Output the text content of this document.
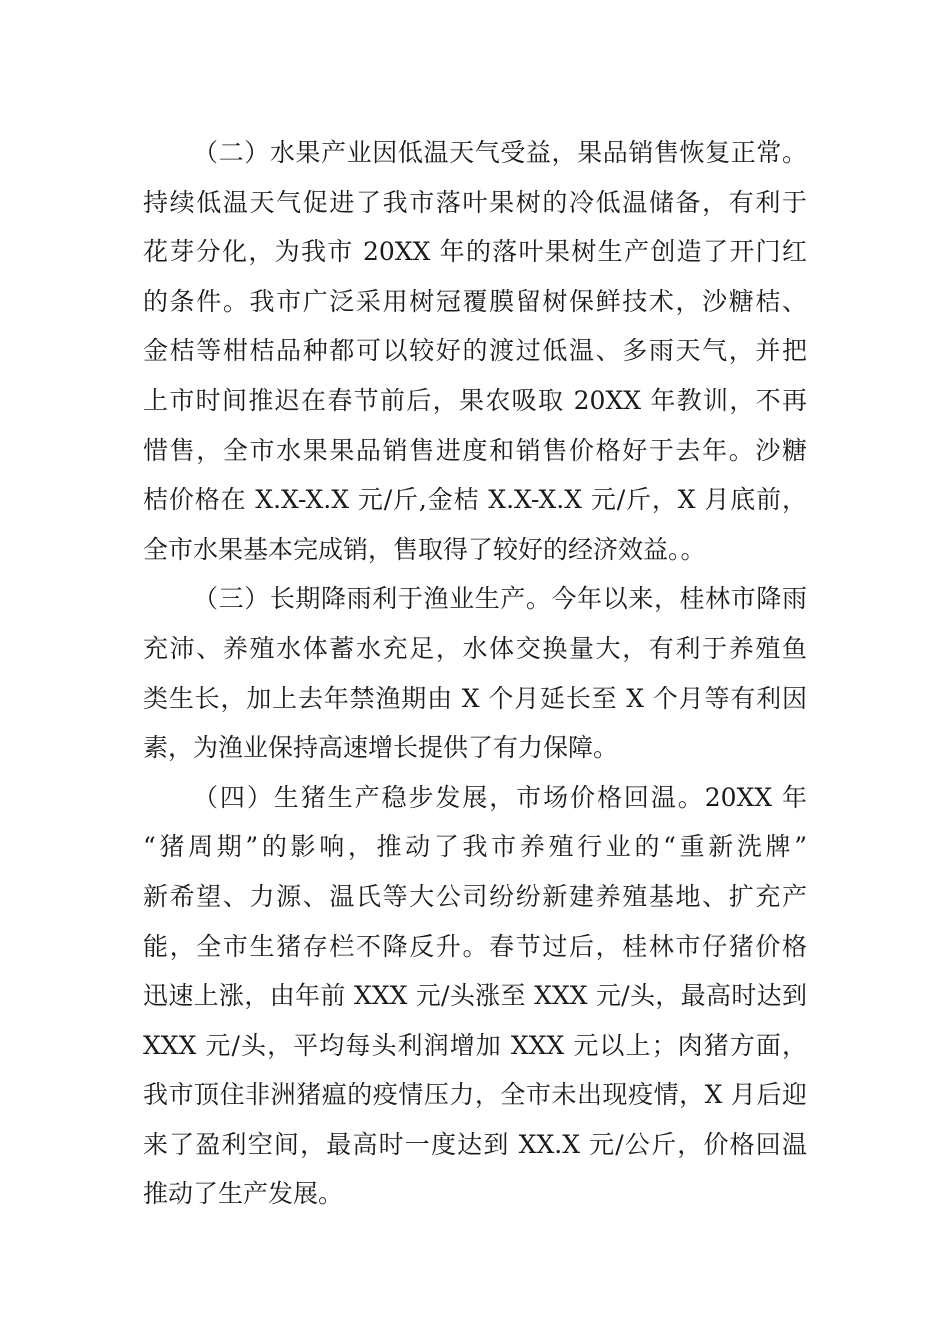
（二）水果产业因低温天气受益，果品销售恢复正常。
持续低温天气促进了我市落叶果树的冷低温储备，有利于
花芽分化，为我市 20XX 年的落叶果树生产创造了开门红
的条件。我市广泛采用树冠覆膜留树保鲜技术，沙糖桔、
金桔等柑桔品种都可以较好的渡过低温、多雨天气，并把
上市时间推迟在春节前后，果农吸取 20XX 年教训，不再
惜售，全市水果果品销售进度和销售价格好于去年。沙糖
桔价格在 X.X-X.X 元/斤,金桔 X.X-X.X 元/斤，X 月底前，
全市水果基本完成销，售取得了较好的经济效益。。
（三）长期降雨利于渔业生产。今年以来，桂林市降雨
充沛、养殖水体蓄水充足，水体交换量大，有利于养殖鱼
类生长，加上去年禁渔期由 X 个月延长至 X 个月等有利因
素，为渔业保持高速增长提供了有力保障。
（四）生猪生产稳步发展，市场价格回温。20XX 年
“猪周期”的影响，推动了我市养殖行业的“重新洗牌”
新希望、力源、温氏等大公司纷纷新建养殖基地、扩充产
能，全市生猪存栏不降反升。春节过后，桂林市仔猪价格
迅速上涨，由年前 XXX 元/头涨至 XXX 元/头，最高时达到
XXX 元/头，平均每头利润增加 XXX 元以上；肉猪方面，
我市顶住非洲猪瘟的疫情压力，全市未出现疫情，X 月后迎
来了盈利空间，最高时一度达到 XX.X 元/公斤，价格回温
推动了生产发展。
